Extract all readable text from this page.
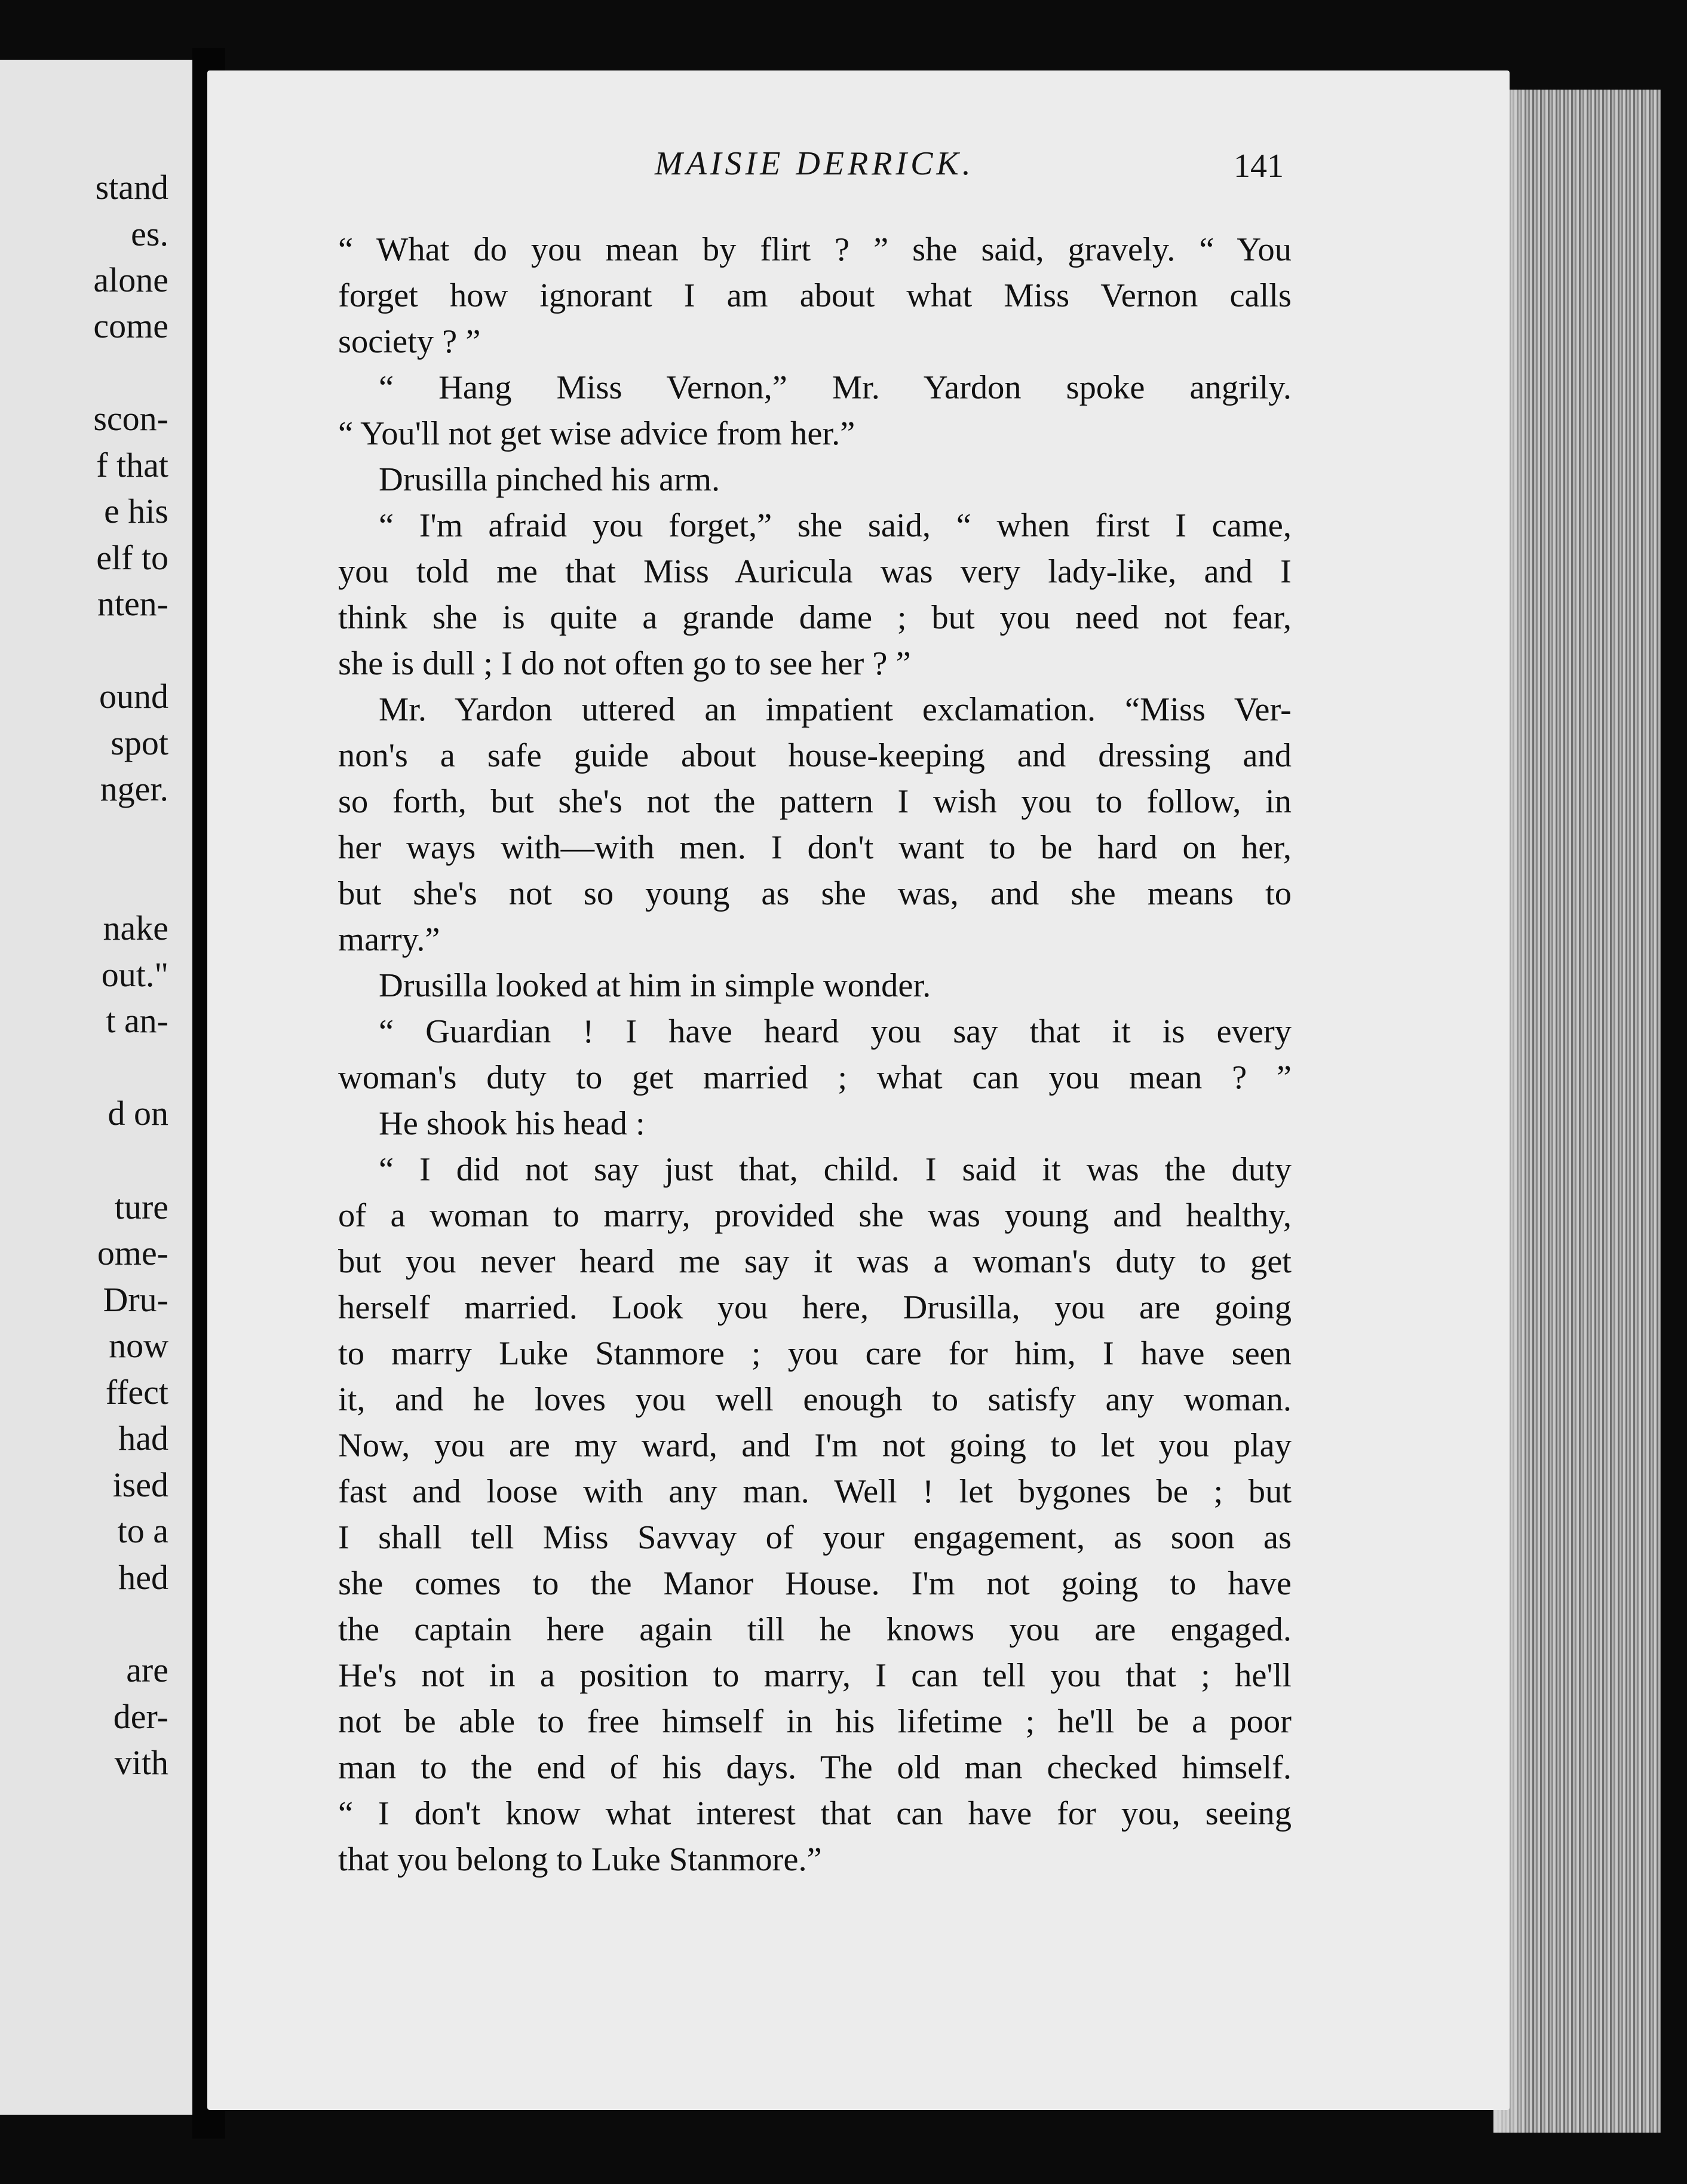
stand
es.
alone
come
scon-
f that
e his
elf to
nten-
ound
spot
nger.
nake
out."
t an-
d on
ture
ome-
Dru-
now
ffect
had
ised
to a
hed
are
der-
vith
MAISIE DERRICK.	141
“ What do you mean by flirt ? ” she said, gravely. “ You
forget how ignorant I am about what Miss Vernon calls
society ? ”
“ Hang Miss Vernon,” Mr. Yardon spoke angrily.
“ You'll not get wise advice from her.”
Drusilla pinched his arm.
“ I'm afraid you forget,” she said, “ when first I came,
you told me that Miss Auricula was very lady-like, and I
think she is quite a grande dame ; but you need not fear,
she is dull ; I do not often go to see her ? ”
Mr. Yardon uttered an impatient exclamation. “Miss Ver-
non's a safe guide about house-keeping and dressing and
so forth, but she's not the pattern I wish you to follow, in
her ways with—with men. I don't want to be hard on her,
but she's not so young as she was, and she means to
marry.”
Drusilla looked at him in simple wonder.
“ Guardian ! I have heard you say that it is every
woman's duty to get married ; what can you mean ? ”
He shook his head :
“ I did not say just that, child. I said it was the duty
of a woman to marry, provided she was young and healthy,
but you never heard me say it was a woman's duty to get
herself married. Look you here, Drusilla, you are going
to marry Luke Stanmore ; you care for him, I have seen
it, and he loves you well enough to satisfy any woman.
Now, you are my ward, and I'm not going to let you play
fast and loose with any man. Well ! let bygones be ; but
I shall tell Miss Savvay of your engagement, as soon as
she comes to the Manor House. I'm not going to have
the captain here again till he knows you are engaged.
He's not in a position to marry, I can tell you that ; he'll
not be able to free himself in his lifetime ; he'll be a poor
man to the end of his days. The old man checked himself.
“ I don't know what interest that can have for you, seeing
that you belong to Luke Stanmore.”
